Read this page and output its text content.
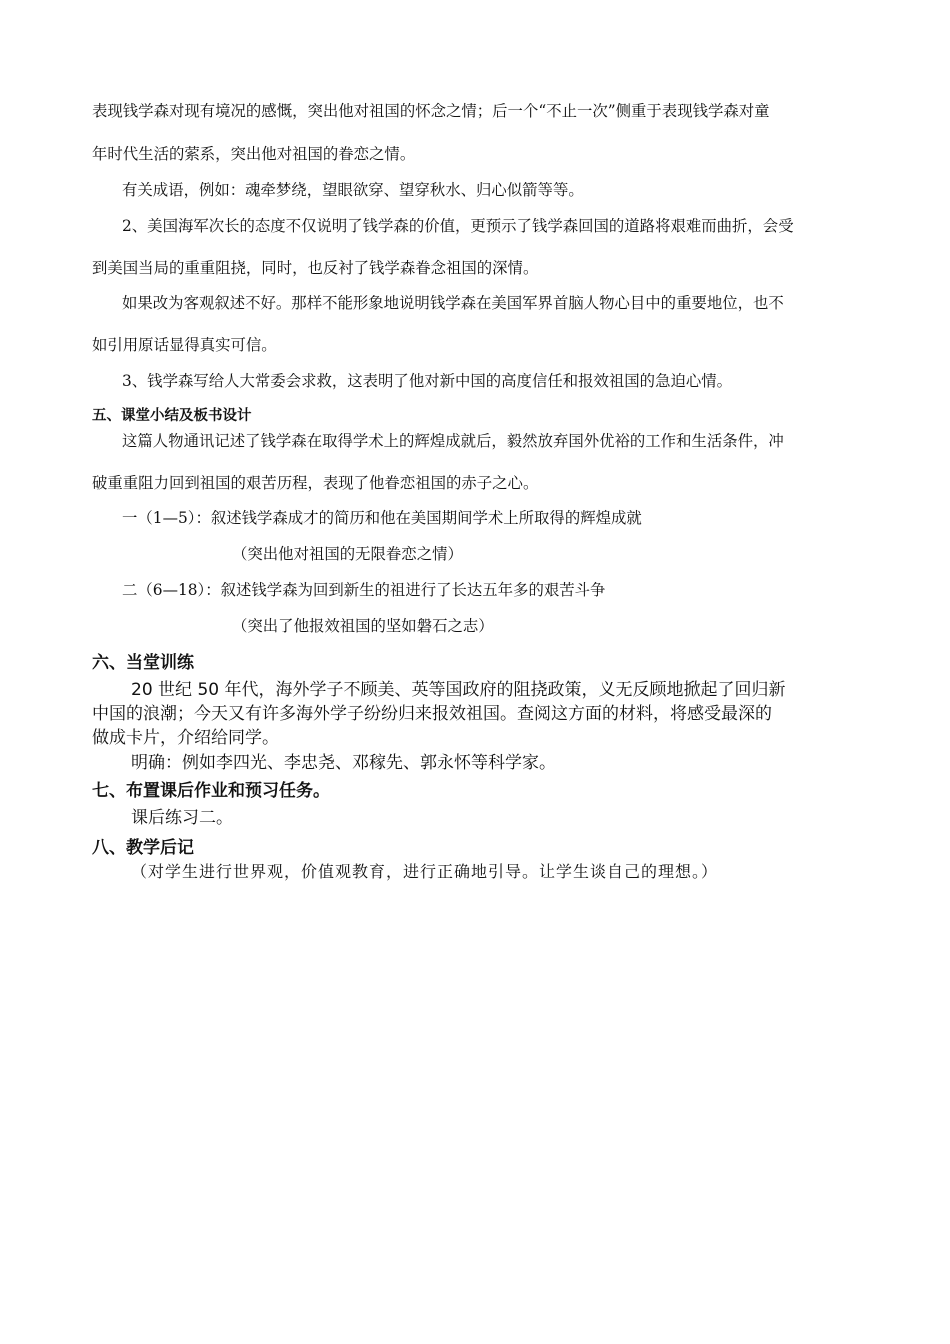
表现钱学森对现有境况的感慨，突出他对祖国的怀念之情；后一个“不止一次”侧重于表现钱学森对童
年时代生活的萦系，突出他对祖国的眷恋之情。
有关成语，例如：魂牵梦绕，望眼欲穿、望穿秋水、归心似箭等等。
2、美国海军次长的态度不仅说明了钱学森的价值，更预示了钱学森回国的道路将艰难而曲折，会受
到美国当局的重重阻挠，同时，也反衬了钱学森眷念祖国的深情。
如果改为客观叙述不好。那样不能形象地说明钱学森在美国军界首脑人物心目中的重要地位，也不
如引用原话显得真实可信。
3、钱学森写给人大常委会求救，这表明了他对新中国的高度信任和报效祖国的急迫心情。
五、课堂小结及板书设计
这篇人物通讯记述了钱学森在取得学术上的辉煌成就后，毅然放弃国外优裕的工作和生活条件，冲
破重重阻力回到祖国的艰苦历程，表现了他眷恋祖国的赤子之心。
一（1—5）：叙述钱学森成才的简历和他在美国期间学术上所取得的辉煌成就
（突出他对祖国的无限眷恋之情）
二（6—18）：叙述钱学森为回到新生的祖进行了长达五年多的艰苦斗争
（突出了他报效祖国的坚如磐石之志）
六、当堂训练
20 世纪 50 年代，海外学子不顾美、英等国政府的阻挠政策，义无反顾地掀起了回归新
中国的浪潮；今天又有许多海外学子纷纷归来报效祖国。查阅这方面的材料，将感受最深的
做成卡片，介绍给同学。
明确：例如李四光、李忠尧、邓稼先、郭永怀等科学家。
七、布置课后作业和预习任务。
课后练习二。
八、教学后记
（对学生进行世界观，价值观教育，进行正确地引导。让学生谈自己的理想。）
